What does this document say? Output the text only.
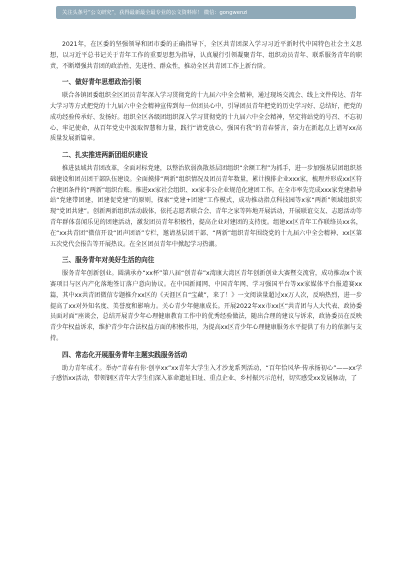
关注头条号“公文研究”，获得最新最全最专业的公文资料库！ 微信：gongwenzi

2021年，在区委的坚强领导和团市委的正确指导下，全区共青团深入学习习近平新时代中国特色社会主义思想，以习近平总书记关于青年工作的重要思想为指导，认真履行引领凝聚青年、组织动员青年、联系服务青年的职责，不断增强共青团的政治性、先进性、群众性，推动全区共青团工作上新台阶。

一、做好青年思想政治引领

联合各镇团委组织全区团员青年深入学习贯彻党的十九届六中全会精神，通过现场交流会、线上文件传达、青年大学习等方式把党的十九届六中全会精神宣传到每一位团员心中，引导团员青年把党的历史学习好、总结好，把党的成功经验传承好、发扬好。组织全区各级团组织深入学习贯彻党的十九届六中全会精神，坚定将站党的号召、不忘初心、牢记使命，从百年党史中汲取智慧和力量，践行“请党放心，强国有我”的青春誓言，奋力在新起点上谱写xx高质量发展新篇章。

二、扎实推进两新团组织建设

推进县域共青团改革，全面对标党建，以整治软弱涣散基层团组织“余额工程”为抓手，进一步加强基层团组织基础建设和团员团干部队伍建设。全面摸排“两新”组织情况及团员青年数量，累计摸排企业xxx家，梳理并形成xx区符合建团条件的“两新”组织台账。推进xx家社会组织、xx家非公企业规范化建团工作。在全市率先完成xxx家党建指导站“党建带团建，团建促党建”的原则，探索“党建+团建”工作模式，成功推动指点科技园等x家“两新”领域组织实现“党团共建”。创新两新组织活动载体，依托志愿者联合会、青年之家等阵地开展活动，开展联谊交友、志愿活动等青年群体喜闻乐见的团建活动，激发团员青年积极性，提高企业对建团的支持度。组建xx区青年工作联络员xx名，在“xx共青团”微信开设“团声团语”专栏，邀请基层团干部、“两新”组织青年围绕党的十九届六中全会精神、xx区第五次党代会报告等开展热议。在全区团员青年中掀起学习热潮。

三、服务青年对美好生活的向往

服务青年创新创业。圆满承办“xx杯”第八届“创青春”x湾康大湾区青年创新创业大赛暨交流营，成功推动x个该赛项目与区内产化落地签订落户意向协议。在中国新闻网、中国青年网、学习强国平台等xx家媒体平台报道赛xx篇，其中xx共青团微信专题推介xx区的《天涯区自“宝藏”，来了！》一文阅读量超过xx万人次，反响热烈，进一步提高了xx对外知名度、美誉度和影响力。关心青少年健康成长。开展2022年xx市xx区“共青团与人大代表、政协委员面对面”座谈会，总结开展青少年心理健康教育工作中的优秀经验做法，随出合理的建议与诉求，政协委员在反映青少年权益诉求，维护青少年合法权益方面的积极作用，为提高xx区青少年心理健康服务水平提供了有力的依据与支持。

四、常态化开展服务青年主题实践服务活动

助力青年成才。举办“青春有你·创享xx”xx青年大学生入才沙龙系列活动，“百年恰风华·传承扬初心”——xx学子感悟xx活动，带领钢区青年大学生们深入革命遗址旧址、重点企业、乡村振兴示范村，切实感受xx发展脉动，了
